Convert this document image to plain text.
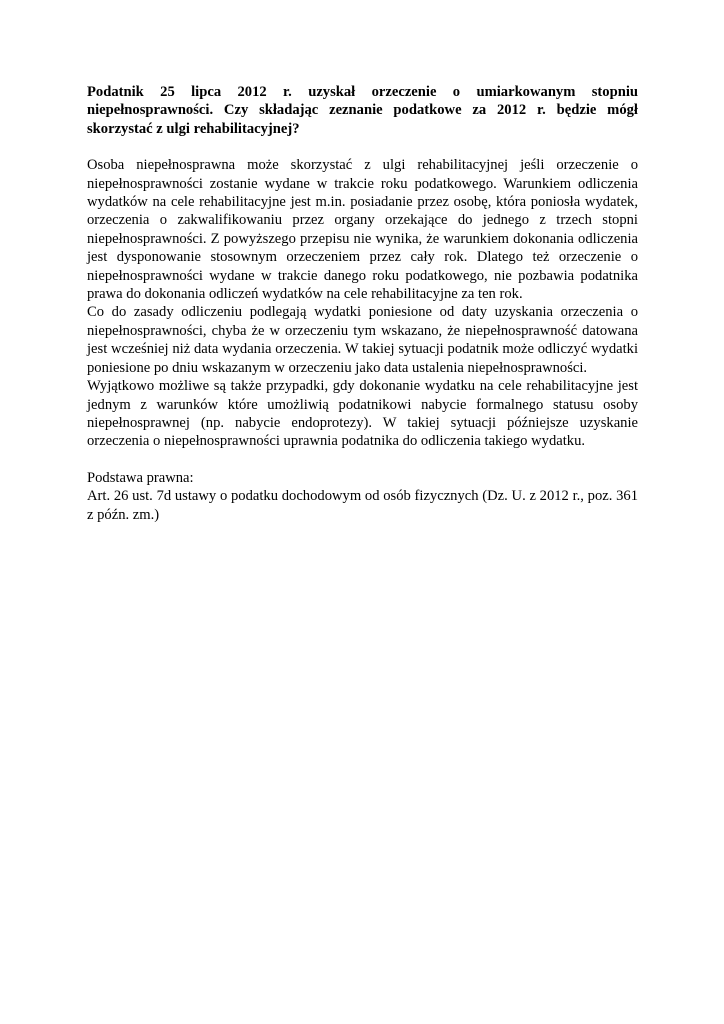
Podatnik 25 lipca 2012 r. uzyskał orzeczenie o umiarkowanym stopniu niepełnosprawności. Czy składając zeznanie podatkowe za 2012 r. będzie mógł skorzystać z ulgi rehabilitacyjnej?

Osoba niepełnosprawna może skorzystać z ulgi rehabilitacyjnej jeśli orzeczenie o niepełnosprawności zostanie wydane w trakcie roku podatkowego. Warunkiem odliczenia wydatków na cele rehabilitacyjne jest m.in. posiadanie przez osobę, która poniosła wydatek, orzeczenia o zakwalifikowaniu przez organy orzekające do jednego z trzech stopni niepełnosprawności. Z powyższego przepisu nie wynika, że warunkiem dokonania odliczenia jest dysponowanie stosownym orzeczeniem przez cały rok. Dlatego też orzeczenie o niepełnosprawności wydane w trakcie danego roku podatkowego, nie pozbawia podatnika prawa do dokonania odliczeń wydatków na cele rehabilitacyjne za ten rok.

Co do zasady odliczeniu podlegają wydatki poniesione od daty uzyskania orzeczenia o niepełnosprawności, chyba że w orzeczeniu tym wskazano, że niepełnosprawność datowana jest wcześniej niż data wydania orzeczenia. W takiej sytuacji podatnik może odliczyć wydatki poniesione po dniu wskazanym w orzeczeniu jako data ustalenia niepełnosprawności.

Wyjątkowo możliwe są także przypadki, gdy dokonanie wydatku na cele rehabilitacyjne jest jednym z warunków które umożliwią podatnikowi nabycie formalnego statusu osoby niepełnosprawnej (np. nabycie endoprotezy). W takiej sytuacji późniejsze uzyskanie orzeczenia o niepełnosprawności uprawnia podatnika do odliczenia takiego wydatku.

Podstawa prawna:

Art. 26 ust. 7d ustawy o podatku dochodowym od osób fizycznych (Dz. U. z 2012 r., poz. 361 z późn. zm.)
